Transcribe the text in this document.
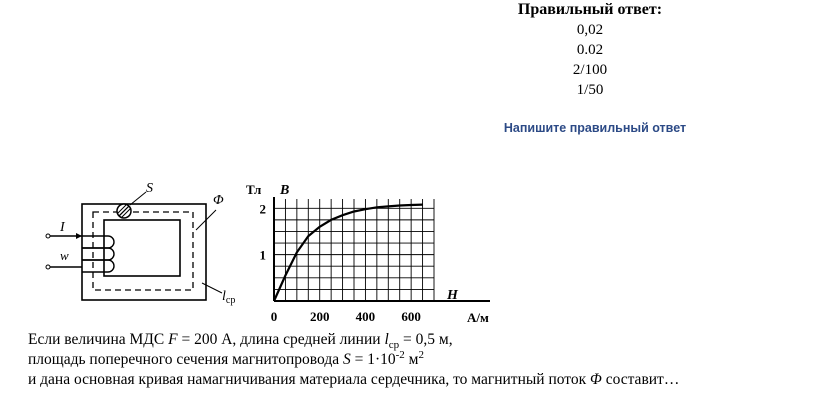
Правильный ответ:
0,02
0.02
2/100
1/50
Напишите правильный ответ
S
Φ
I
w
$l_{ср}$
0	200 400 600
1
2
Тл B
H
А/м
Если величина МДС F = 200 А, длина средней линии $l_{ср} = 0,5$ м,
площадь поперечного сечения магнитопровода $S = 1\cdot 10^{-2}$ $м^2$
и дана основная кривая намагничивания материала сердечника, то магнитный поток Φ составит…
